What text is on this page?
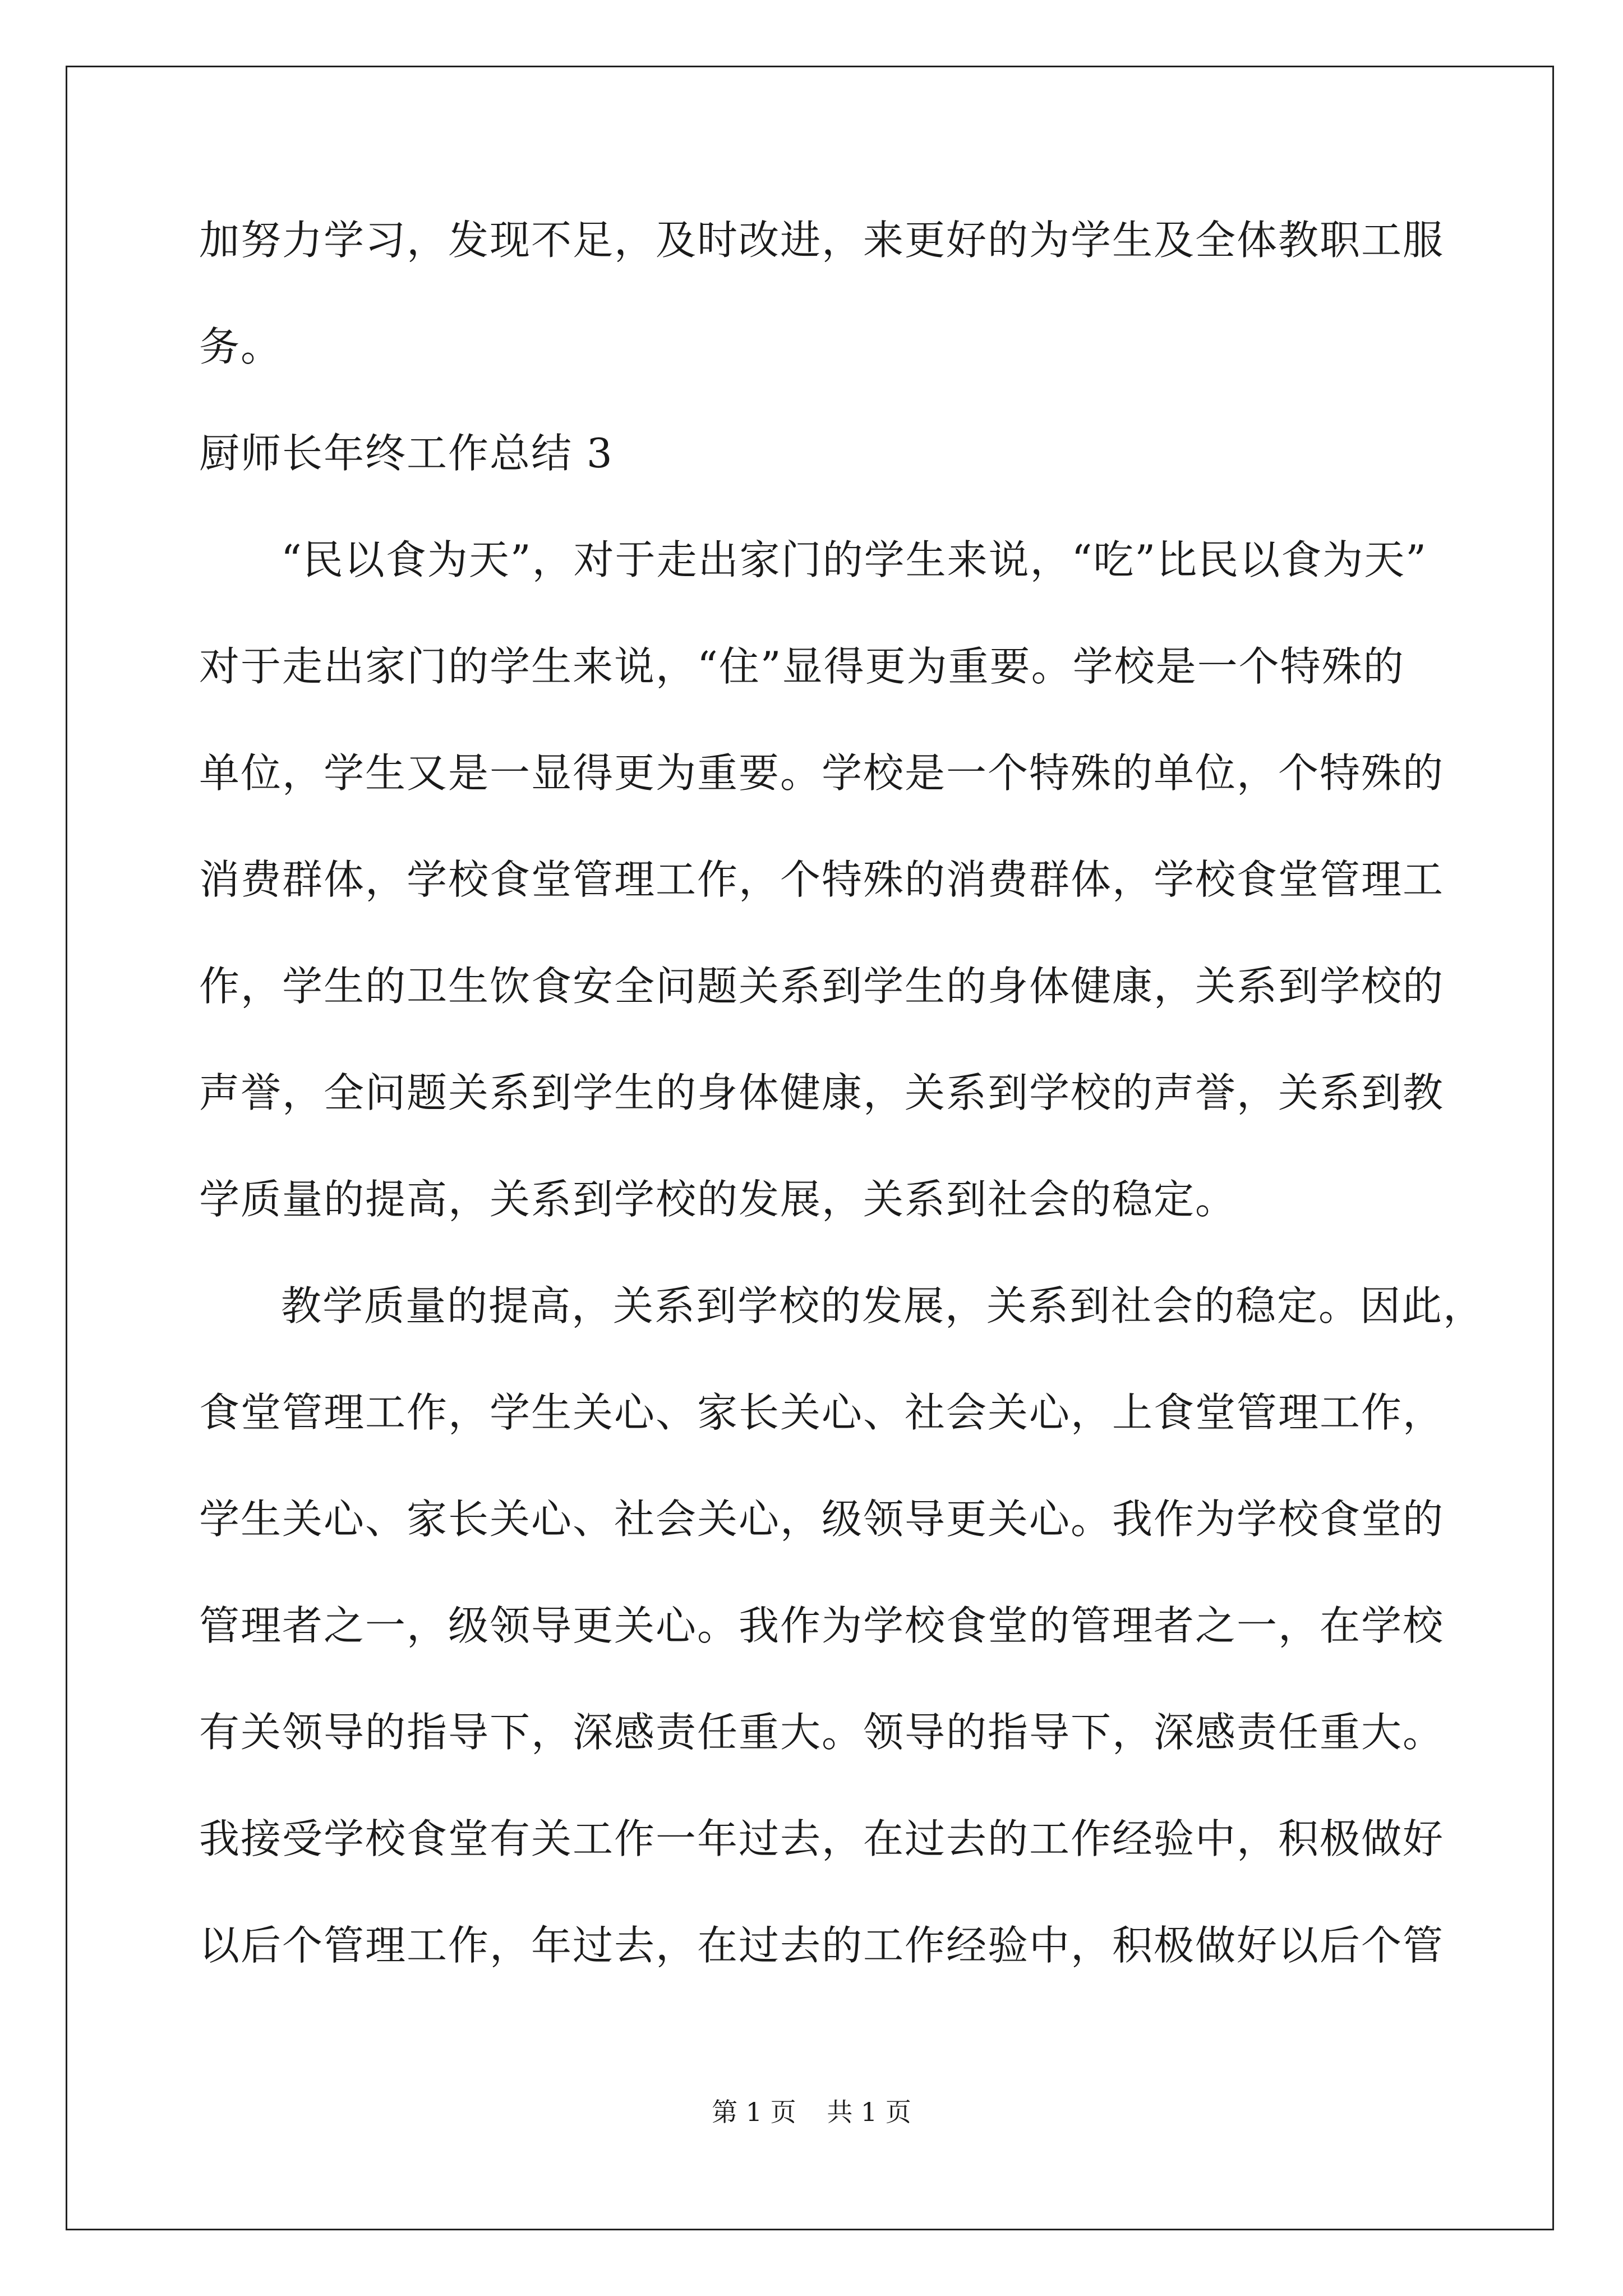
加努力学习，发现不足，及时改进，来更好的为学生及全体教职工服
务。
厨师长年终工作总结 3
“民以食为天”，对于走出家门的学生来说，“吃”比民以食为天”
对于走出家门的学生来说，“住”显得更为重要。学校是一个特殊的
单位，学生又是一显得更为重要。学校是一个特殊的单位，个特殊的
消费群体，学校食堂管理工作，个特殊的消费群体，学校食堂管理工
作，学生的卫生饮食安全问题关系到学生的身体健康，关系到学校的
声誉，全问题关系到学生的身体健康，关系到学校的声誉，关系到教
学质量的提高，关系到学校的发展，关系到社会的稳定。
教学质量的提高，关系到学校的发展，关系到社会的稳定。因此，
食堂管理工作，学生关心、家长关心、社会关心，上食堂管理工作，
学生关心、家长关心、社会关心，级领导更关心。我作为学校食堂的
管理者之一，级领导更关心。我作为学校食堂的管理者之一，在学校
有关领导的指导下，深感责任重大。领导的指导下，深感责任重大。
我接受学校食堂有关工作一年过去，在过去的工作经验中，积极做好
以后个管理工作，年过去，在过去的工作经验中，积极做好以后个管
第 1 页 共 1 页
